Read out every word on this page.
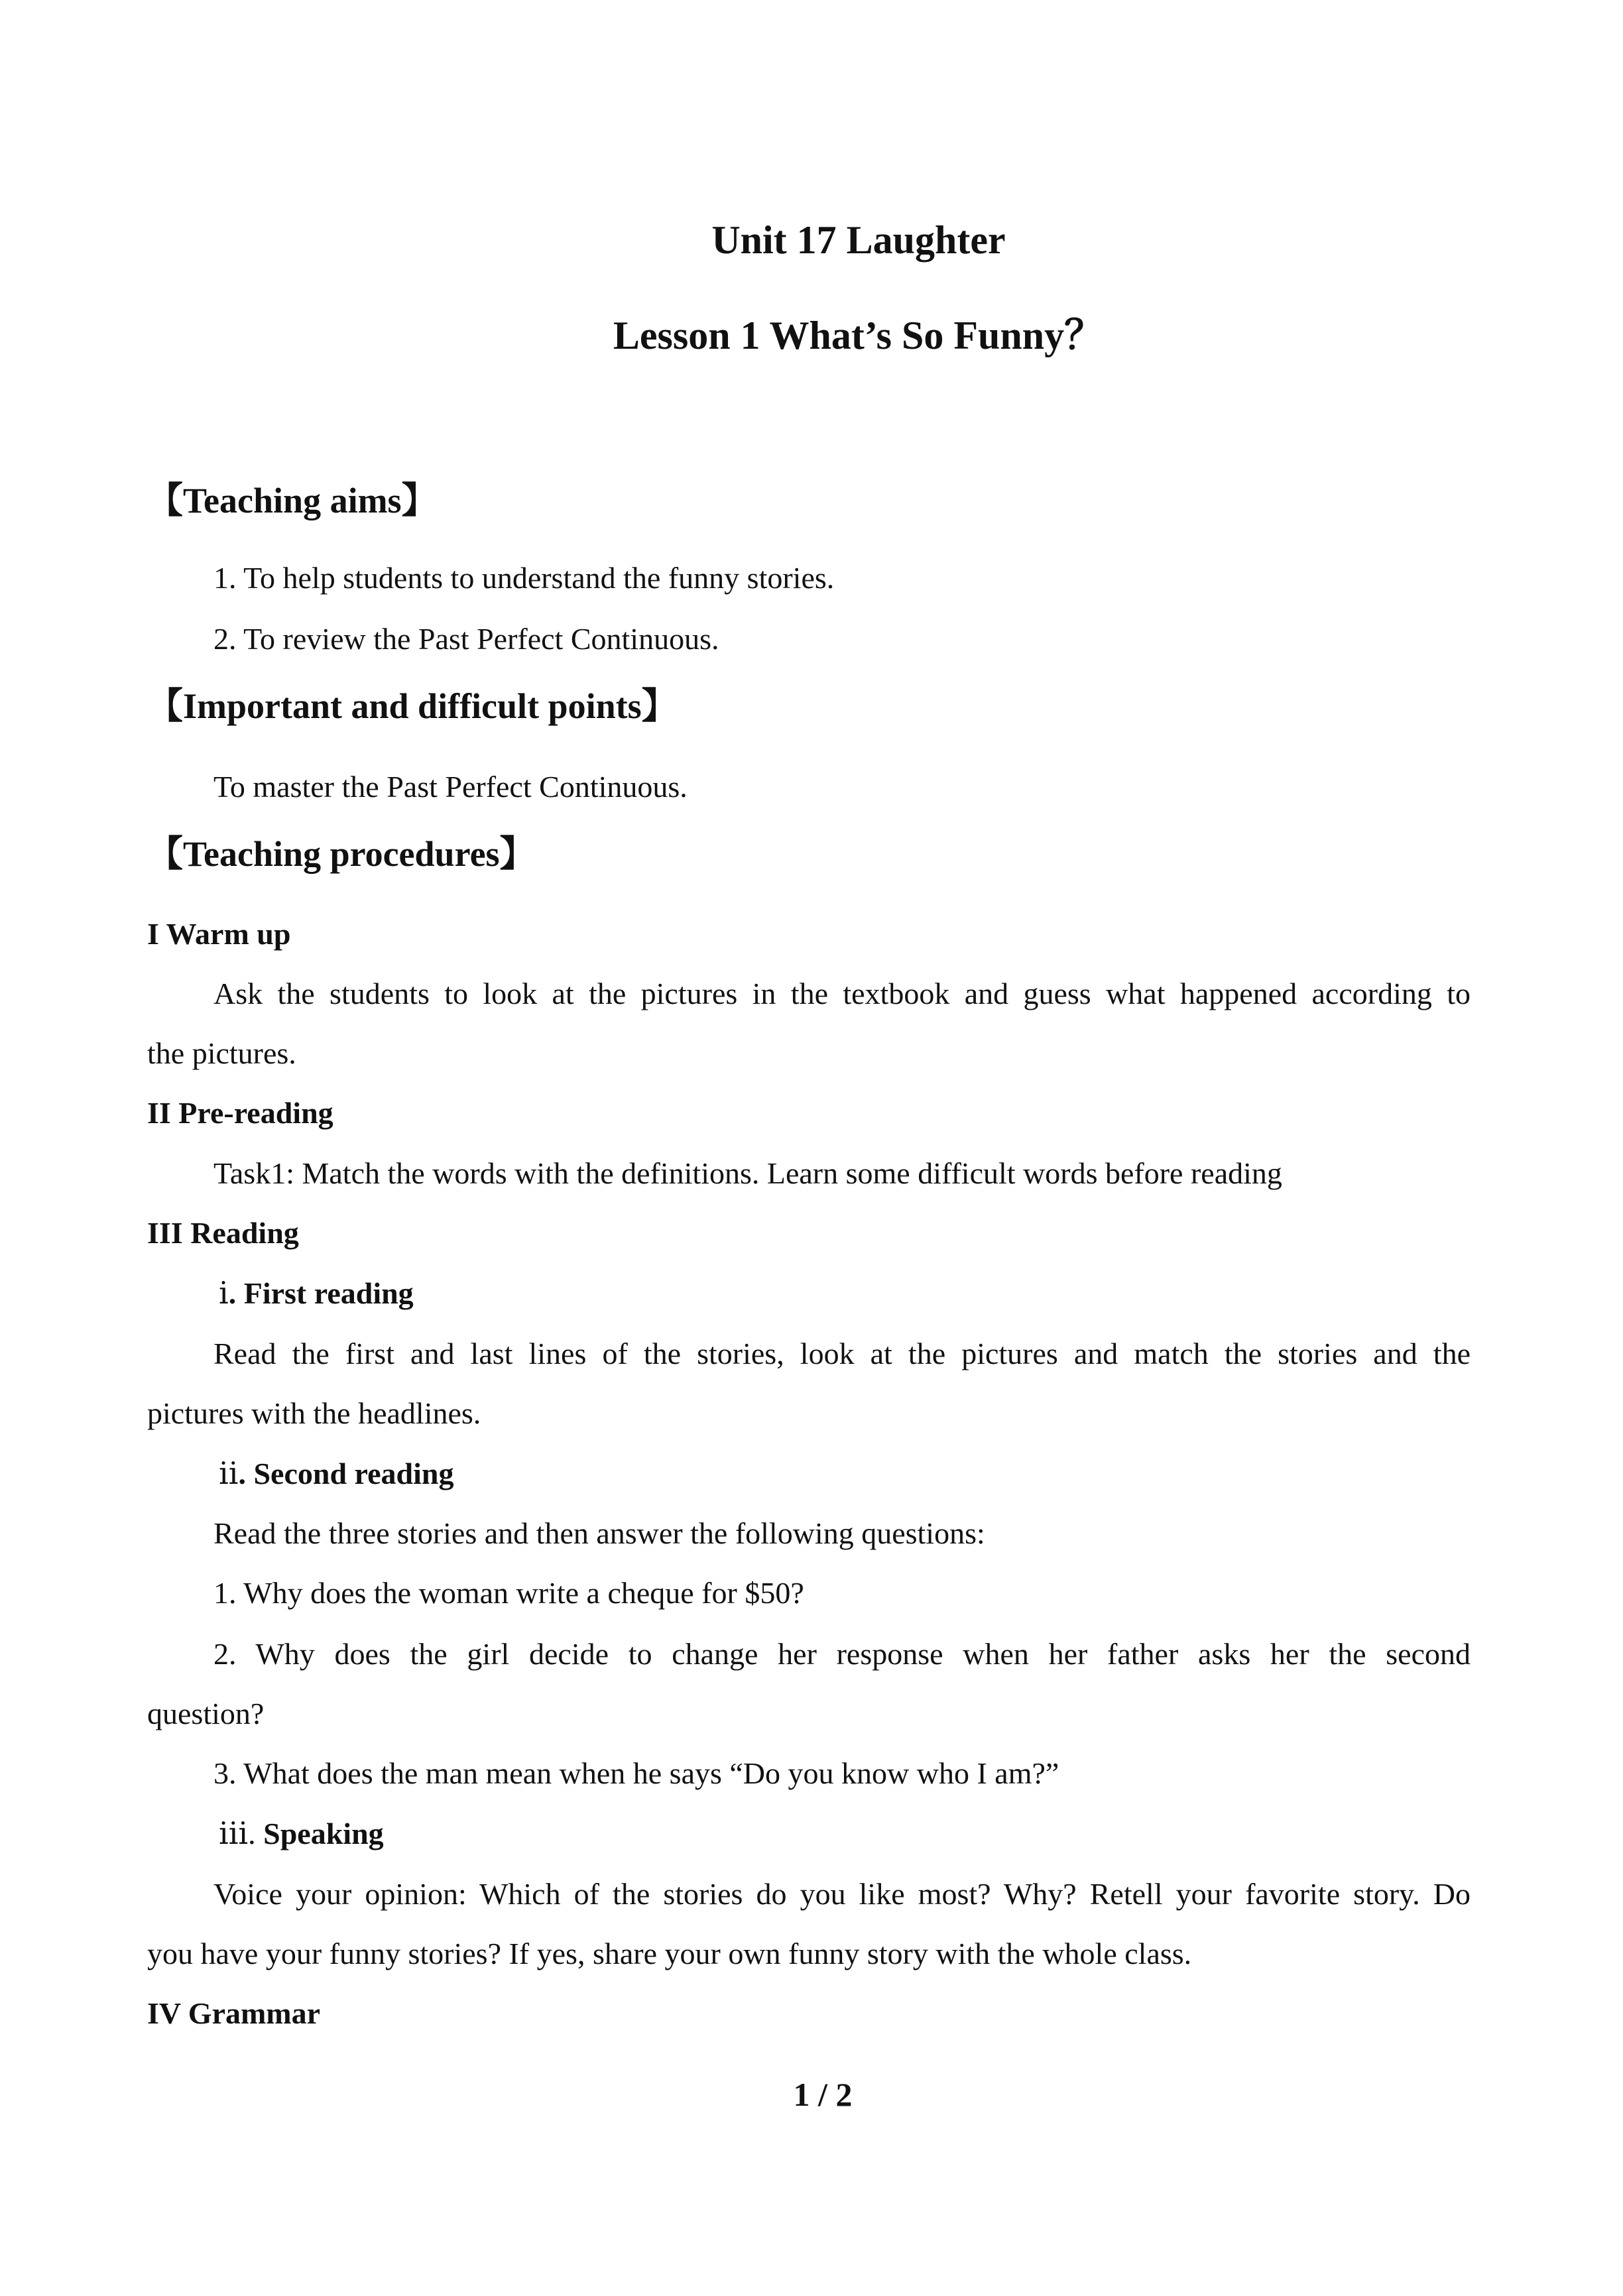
Unit 17 Laughter
Lesson 1 What’s So Funny？
【Teaching aims】
1. To help students to understand the funny stories.
2. To review the Past Perfect Continuous.
【Important and difficult points】
To master the Past Perfect Continuous.
【Teaching procedures】
I Warm up
Ask the students to look at the pictures in the textbook and guess what happened according to
the pictures.
II Pre-reading
Task1: Match the words with the definitions. Learn some difficult words before reading
III Reading
ⅰ. First reading
Read the first and last lines of the stories, look at the pictures and match the stories and the
pictures with the headlines.
ⅱ. Second reading
Read the three stories and then answer the following questions:
1. Why does the woman write a cheque for $50?
2. Why does the girl decide to change her response when her father asks her the second
question?
3. What does the man mean when he says “Do you know who I am?”
ⅲ. Speaking
Voice your opinion: Which of the stories do you like most? Why? Retell your favorite story. Do
you have your funny stories? If yes, share your own funny story with the whole class.
IV Grammar
1 / 2
